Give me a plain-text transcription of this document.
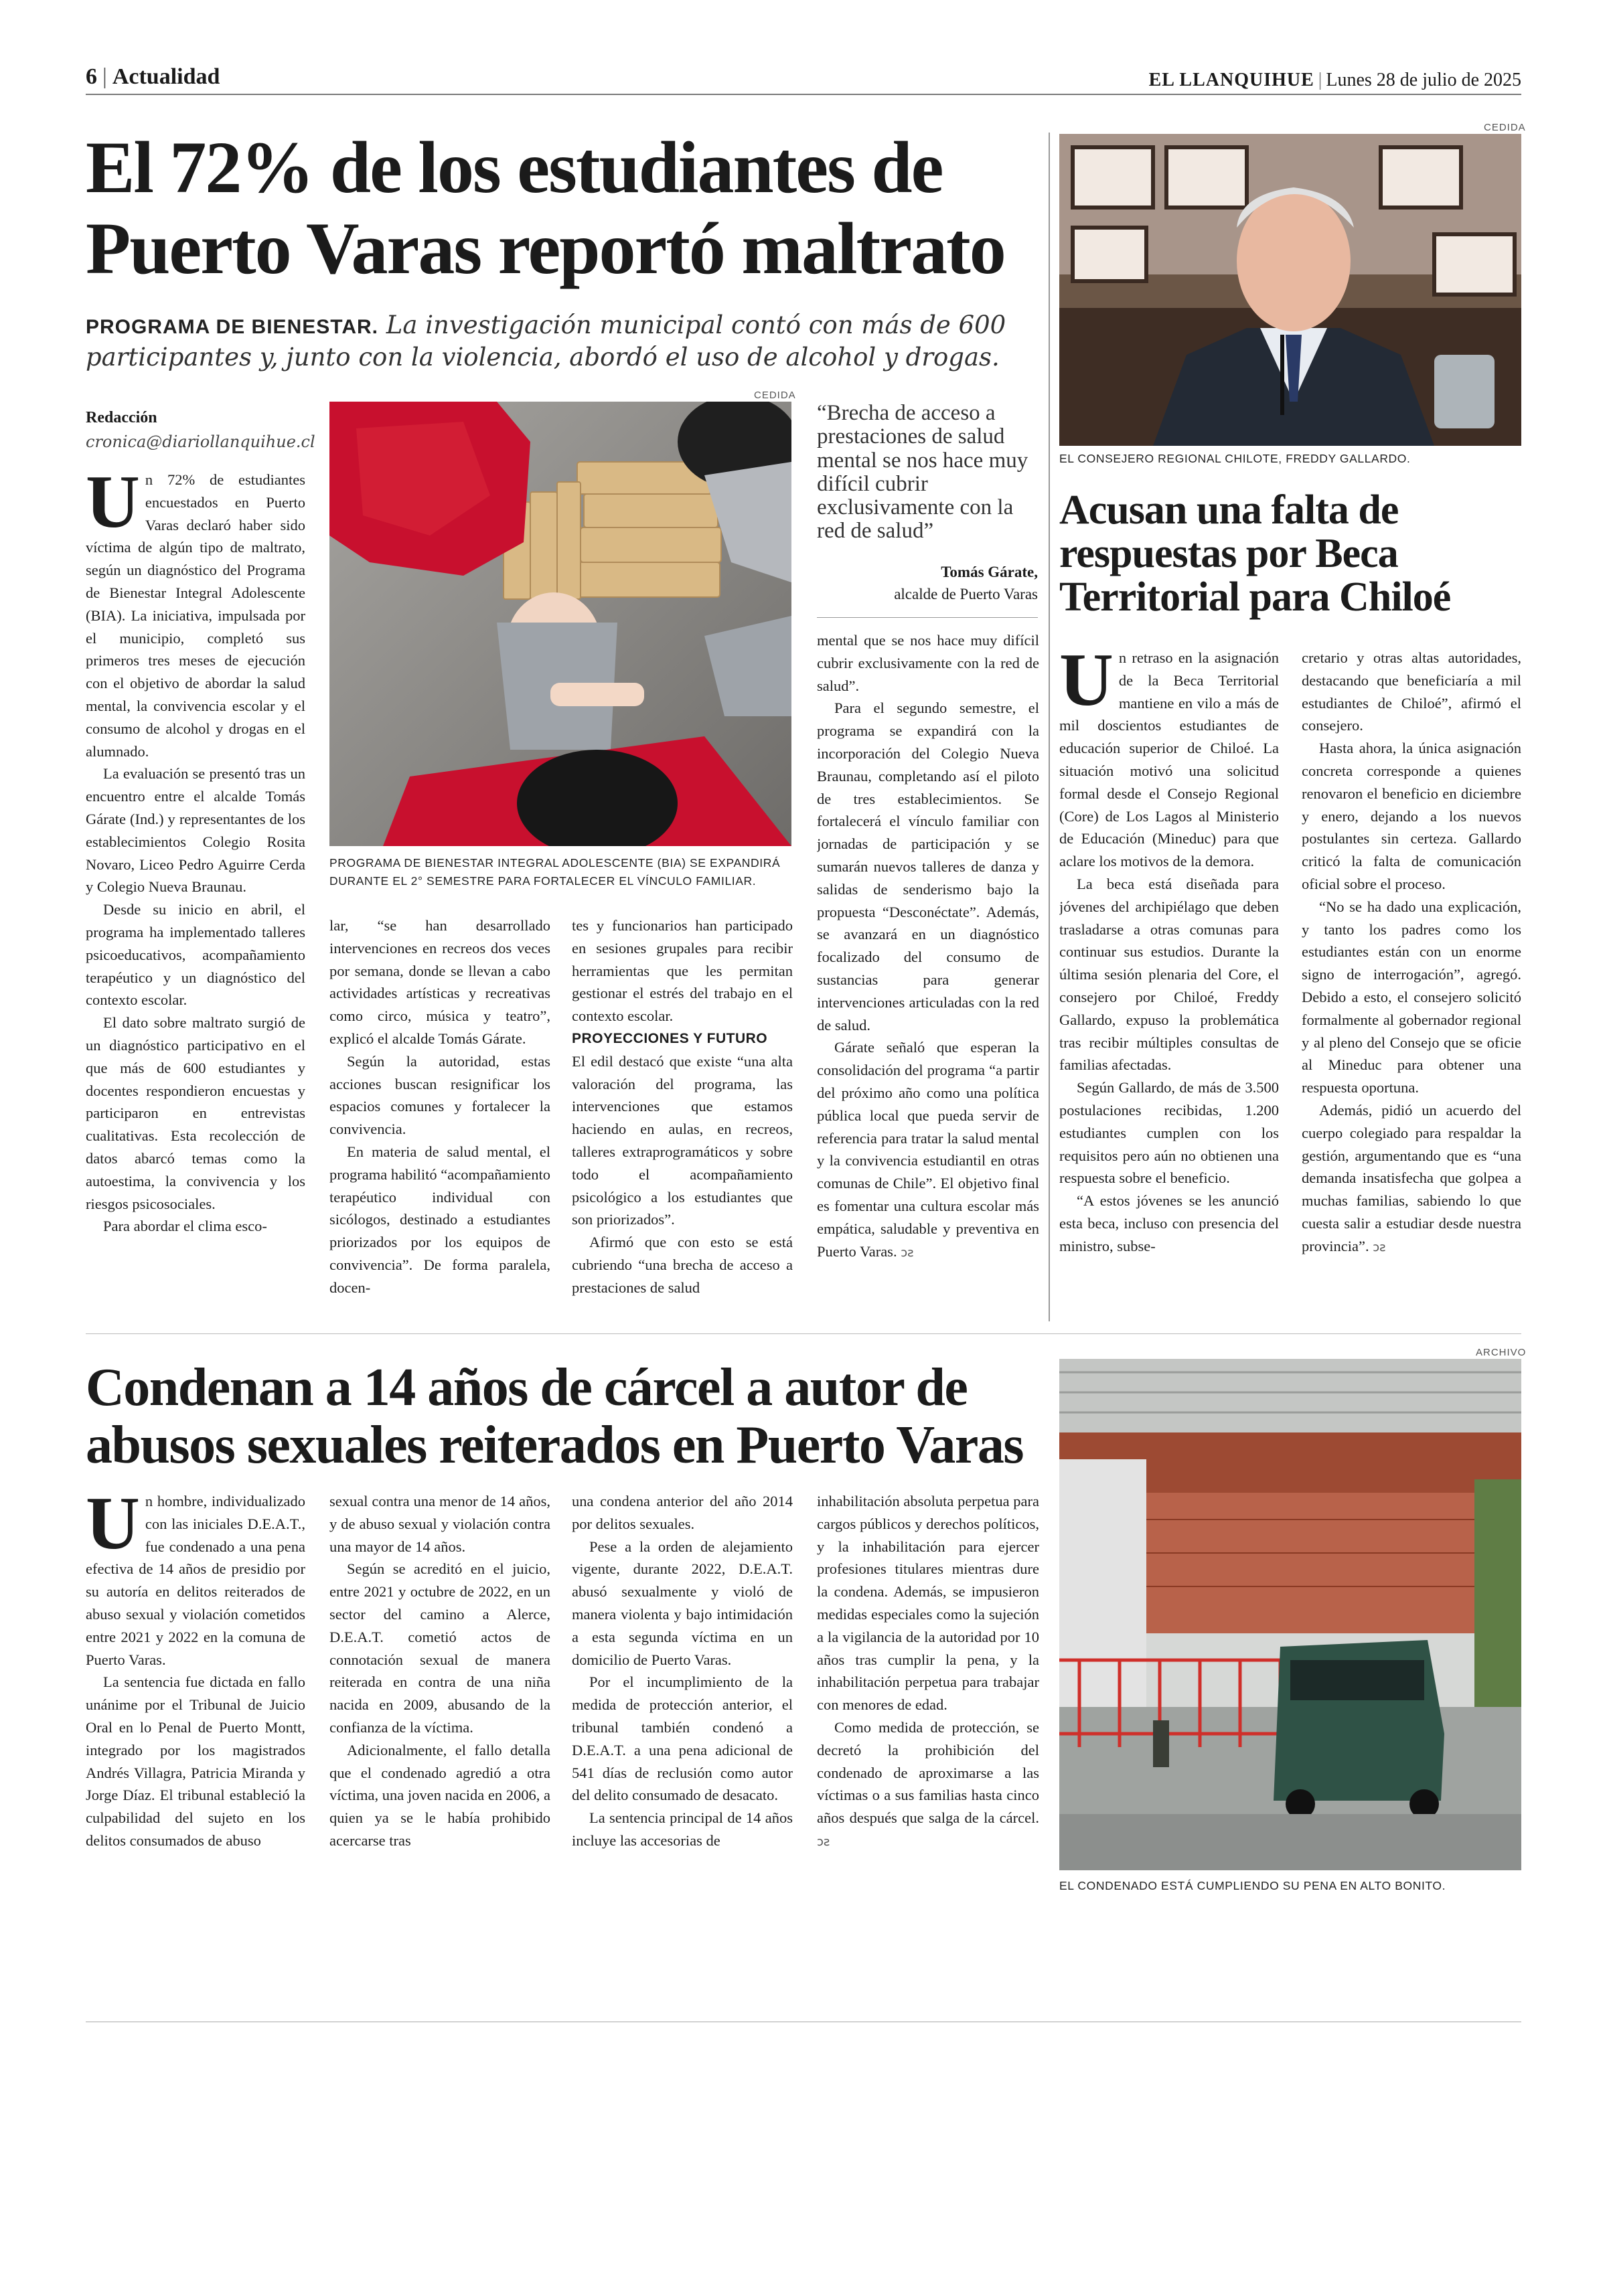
6 | Actualidad	EL LLANQUIHUE | Lunes 28 de julio de 2025
El 72% de los estudiantes de Puerto Varas reportó maltrato
PROGRAMA DE BIENESTAR. La investigación municipal contó con más de 600 participantes y, junto con la violencia, abordó el uso de alcohol y drogas.
Redacción
cronica@diariollanquihue.cl

Un 72% de estudiantes encuestados en Puerto Varas declaró haber sido víctima de algún tipo de maltrato, según un diagnóstico del Programa de Bienestar Integral Adolescente (BIA). La iniciativa, impulsada por el municipio, completó sus primeros tres meses de ejecución con el objetivo de abordar la salud mental, la convivencia escolar y el consumo de alcohol y drogas en el alumnado.

La evaluación se presentó tras un encuentro entre el alcalde Tomás Gárate (Ind.) y representantes de los establecimientos Colegio Rosita Novaro, Liceo Pedro Aguirre Cerda y Colegio Nueva Braunau.

Desde su inicio en abril, el programa ha implementado talleres psicoeducativos, acompañamiento terapéutico y un diagnóstico del contexto escolar.

El dato sobre maltrato surgió de un diagnóstico participativo en el que más de 600 estudiantes y docentes respondieron encuestas y participaron en entrevistas cualitativas. Esta recolección de datos abarcó temas como la autoestima, la convivencia y los riesgos psicosociales.

Para abordar el clima esco-

CEDIDA
PROGRAMA DE BIENESTAR INTEGRAL ADOLESCENTE (BIA) SE EXPANDIRÁ DURANTE EL 2° SEMESTRE PARA FORTALECER EL VÍNCULO FAMILIAR.
“Brecha de acceso a prestaciones de salud mental se nos hace muy difícil cubrir exclusivamente con la red de salud”
Tomás Gárate,
alcalde de Puerto Varas

lar, “se han desarrollado intervenciones en recreos dos veces por semana, donde se llevan a cabo actividades artísticas y recreativas como circo, música y teatro”, explicó el alcalde Tomás Gárate.

Según la autoridad, estas acciones buscan resignificar los espacios comunes y fortalecer la convivencia.

En materia de salud mental, el programa habilitó “acompañamiento terapéutico individual con sicólogos, destinado a estudiantes priorizados por los equipos de convivencia”. De forma paralela, docen-

tes y funcionarios han participado en sesiones grupales para recibir herramientas que les permitan gestionar el estrés del trabajo en el contexto escolar.

PROYECCIONES Y FUTURO

El edil destacó que existe “una alta valoración del programa, las intervenciones que estamos haciendo en aulas, en recreos, talleres extraprogramáticos y sobre todo el acompañamiento psicológico a los estudiantes que son priorizados”.

Afirmó que con esto se está cubriendo “una brecha de acceso a prestaciones de salud

mental que se nos hace muy difícil cubrir exclusivamente con la red de salud”.

Para el segundo semestre, el programa se expandirá con la incorporación del Colegio Nueva Braunau, completando así el piloto de tres establecimientos. Se fortalecerá el vínculo familiar con jornadas de participación y se sumarán nuevos talleres de danza y salidas de senderismo bajo la propuesta “Desconéctate”. Además, se avanzará en un diagnóstico focalizado del consumo de sustancias para generar intervenciones articuladas con la red de salud.

Gárate señaló que esperan la consolidación del programa “a partir del próximo año como una política pública local que pueda servir de referencia para tratar la salud mental y la convivencia estudiantil en otras comunas de Chile”. El objetivo final es fomentar una cultura escolar más empática, saludable y preventiva en Puerto Varas. ↄƨ

CEDIDA
EL CONSEJERO REGIONAL CHILOTE, FREDDY GALLARDO.
Acusan una falta de respuestas por Beca Territorial para Chiloé

Un retraso en la asignación de la Beca Territorial mantiene en vilo a más de mil doscientos estudiantes de educación superior de Chiloé. La situación motivó una solicitud formal desde el Consejo Regional (Core) de Los Lagos al Ministerio de Educación (Mineduc) para que aclare los motivos de la demora.

La beca está diseñada para jóvenes del archipiélago que deben trasladarse a otras comunas para continuar sus estudios. Durante la última sesión plenaria del Core, el consejero por Chiloé, Freddy Gallardo, expuso la problemática tras recibir múltiples consultas de familias afectadas.

Según Gallardo, de más de 3.500 postulaciones recibidas, 1.200 estudiantes cumplen con los requisitos pero aún no obtienen una respuesta sobre el beneficio.

“A estos jóvenes se les anunció esta beca, incluso con presencia del ministro, subse-

cretario y otras altas autoridades, destacando que beneficiaría a mil estudiantes de Chiloé”, afirmó el consejero.

Hasta ahora, la única asignación concreta corresponde a quienes renovaron el beneficio en diciembre y enero, dejando a los nuevos postulantes sin certeza. Gallardo criticó la falta de comunicación oficial sobre el proceso.

“No se ha dado una explicación, y tanto los padres como los estudiantes están con un enorme signo de interrogación”, agregó. Debido a esto, el consejero solicitó formalmente al gobernador regional y al pleno del Consejo que se oficie al Mineduc para obtener una respuesta oportuna.

Además, pidió un acuerdo del cuerpo colegiado para respaldar la gestión, argumentando que es “una demanda insatisfecha que golpea a muchas familias, sabiendo lo que cuesta salir a estudiar desde nuestra provincia”. ↄƨ

Condenan a 14 años de cárcel a autor de abusos sexuales reiterados en Puerto Varas

Un hombre, individualizado con las iniciales D.E.A.T., fue condenado a una pena efectiva de 14 años de presidio por su autoría en delitos reiterados de abuso sexual y violación cometidos entre 2021 y 2022 en la comuna de Puerto Varas.

La sentencia fue dictada en fallo unánime por el Tribunal de Juicio Oral en lo Penal de Puerto Montt, integrado por los magistrados Andrés Villagra, Patricia Miranda y Jorge Díaz. El tribunal estableció la culpabilidad del sujeto en los delitos consumados de abuso

sexual contra una menor de 14 años, y de abuso sexual y violación contra una mayor de 14 años.

Según se acreditó en el juicio, entre 2021 y octubre de 2022, en un sector del camino a Alerce, D.E.A.T. cometió actos de connotación sexual de manera reiterada en contra de una niña nacida en 2009, abusando de la confianza de la víctima.

Adicionalmente, el fallo detalla que el condenado agredió a otra víctima, una joven nacida en 2006, a quien ya se le había prohibido acercarse tras

una condena anterior del año 2014 por delitos sexuales.

Pese a la orden de alejamiento vigente, durante 2022, D.E.A.T. abusó sexualmente y violó de manera violenta y bajo intimidación a esta segunda víctima en un domicilio de Puerto Varas.

Por el incumplimiento de la medida de protección anterior, el tribunal también condenó a D.E.A.T. a una pena adicional de 541 días de reclusión como autor del delito consumado de desacato.

La sentencia principal de 14 años incluye las accesorias de

inhabilitación absoluta perpetua para cargos públicos y derechos políticos, y la inhabilitación para ejercer profesiones titulares mientras dure la condena. Además, se impusieron medidas especiales como la sujeción a la vigilancia de la autoridad por 10 años tras cumplir la pena, y la inhabilitación perpetua para trabajar con menores de edad.

Como medida de protección, se decretó la prohibición del condenado de aproximarse a las víctimas o a sus familias hasta cinco años después que salga de la cárcel. ↄƨ

ARCHIVO
EL CONDENADO ESTÁ CUMPLIENDO SU PENA EN ALTO BONITO.
